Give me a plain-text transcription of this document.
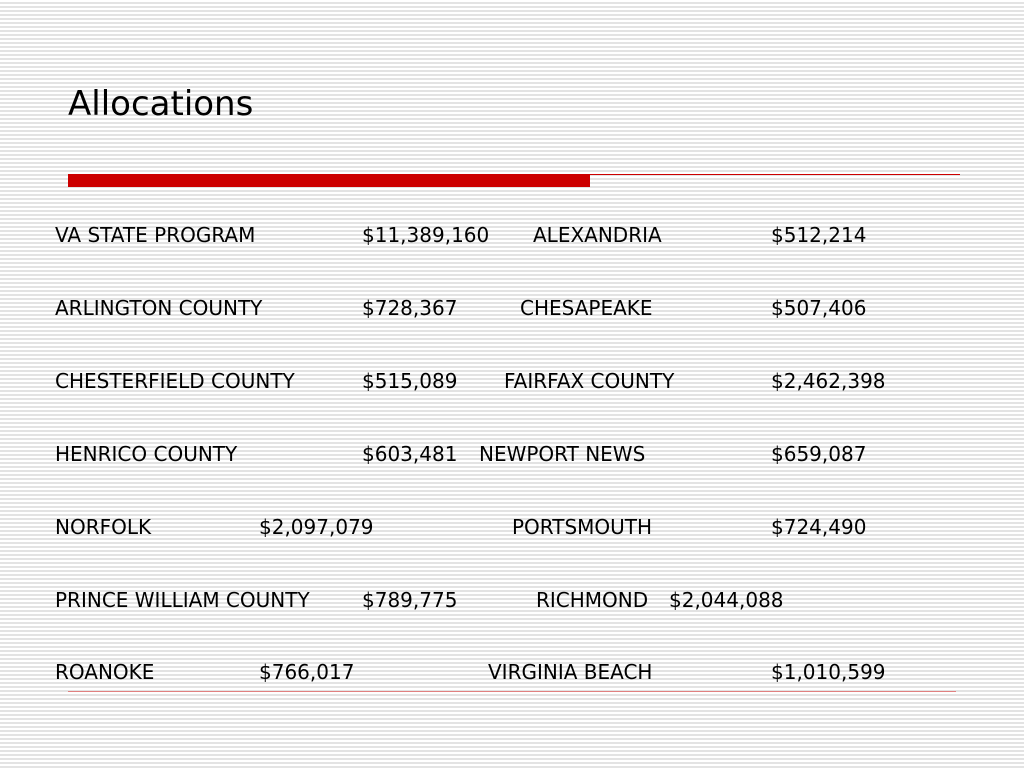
Allocations
VA STATE PROGRAM	$11,389,160 ALEXANDRIA	$512,214
ARLINGTON COUNTY	$728,367	CHESAPEAKE	$507,406
CHESTERFIELD COUNTY	$515,089 FAIRFAX COUNTY	$2,462,398
HENRICO COUNTY	$603,481 NEWPORT NEWS	$659,087
NORFOLK	$2,097,079	PORTSMOUTH	$724,490
PRINCE WILLIAM COUNTY	$789,775	RICHMOND $2,044,088
ROANOKE	$766,017	VIRGINIA BEACH	$1,010,599
